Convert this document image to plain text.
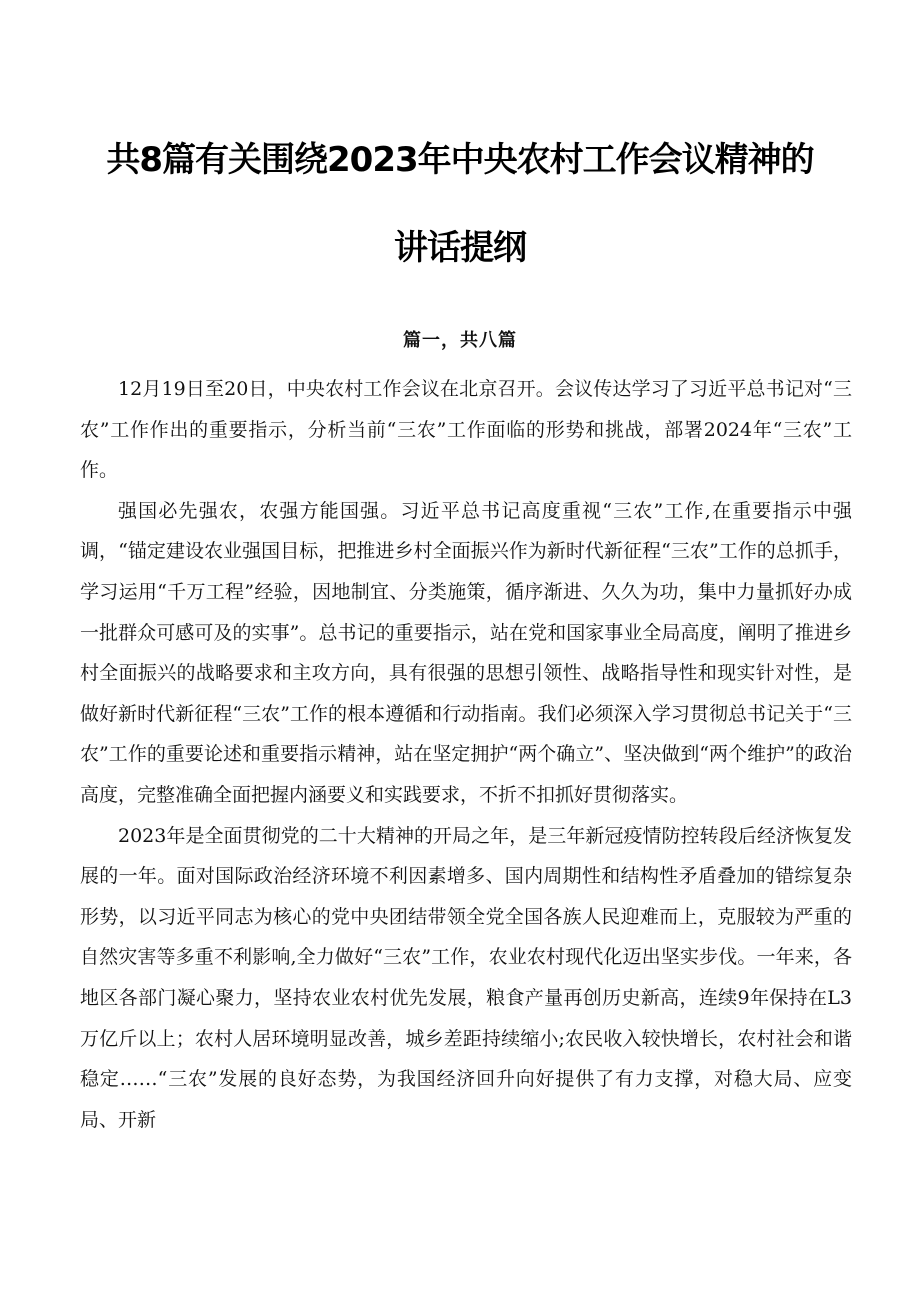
共8篇有关围绕2023年中央农村工作会议精神的
讲话提纲
篇一，共八篇

12月19日至20日，中央农村工作会议在北京召开。会议传达学习了习近平总书记对“三农”工作作出的重要指示，分析当前“三农”工作面临的形势和挑战，部署2024年“三农”工作。

强国必先强农，农强方能国强。习近平总书记高度重视“三农”工作,在重要指示中强调，“锚定建设农业强国目标，把推进乡村全面振兴作为新时代新征程“三农”工作的总抓手，学习运用“千万工程”经验，因地制宜、分类施策，循序渐进、久久为功，集中力量抓好办成一批群众可感可及的实事”。总书记的重要指示，站在党和国家事业全局高度，阐明了推进乡村全面振兴的战略要求和主攻方向，具有很强的思想引领性、战略指导性和现实针对性，是做好新时代新征程“三农”工作的根本遵循和行动指南。我们必须深入学习贯彻总书记关于“三农”工作的重要论述和重要指示精神，站在坚定拥护“两个确立”、坚决做到“两个维护”的政治高度，完整准确全面把握内涵要义和实践要求，不折不扣抓好贯彻落实。

2023年是全面贯彻党的二十大精神的开局之年，是三年新冠疫情防控转段后经济恢复发展的一年。面对国际政治经济环境不利因素增多、国内周期性和结构性矛盾叠加的错综复杂形势，以习近平同志为核心的党中央团结带领全党全国各族人民迎难而上，克服较为严重的自然灾害等多重不利影响,全力做好“三农”工作，农业农村现代化迈出坚实步伐。一年来，各地区各部门凝心聚力，坚持农业农村优先发展，粮食产量再创历史新高，连续9年保持在L3万亿斤以上；农村人居环境明显改善，城乡差距持续缩小;农民收入较快增长，农村社会和谐稳定……“三农”发展的良好态势，为我国经济回升向好提供了有力支撑，对稳大局、应变局、开新
